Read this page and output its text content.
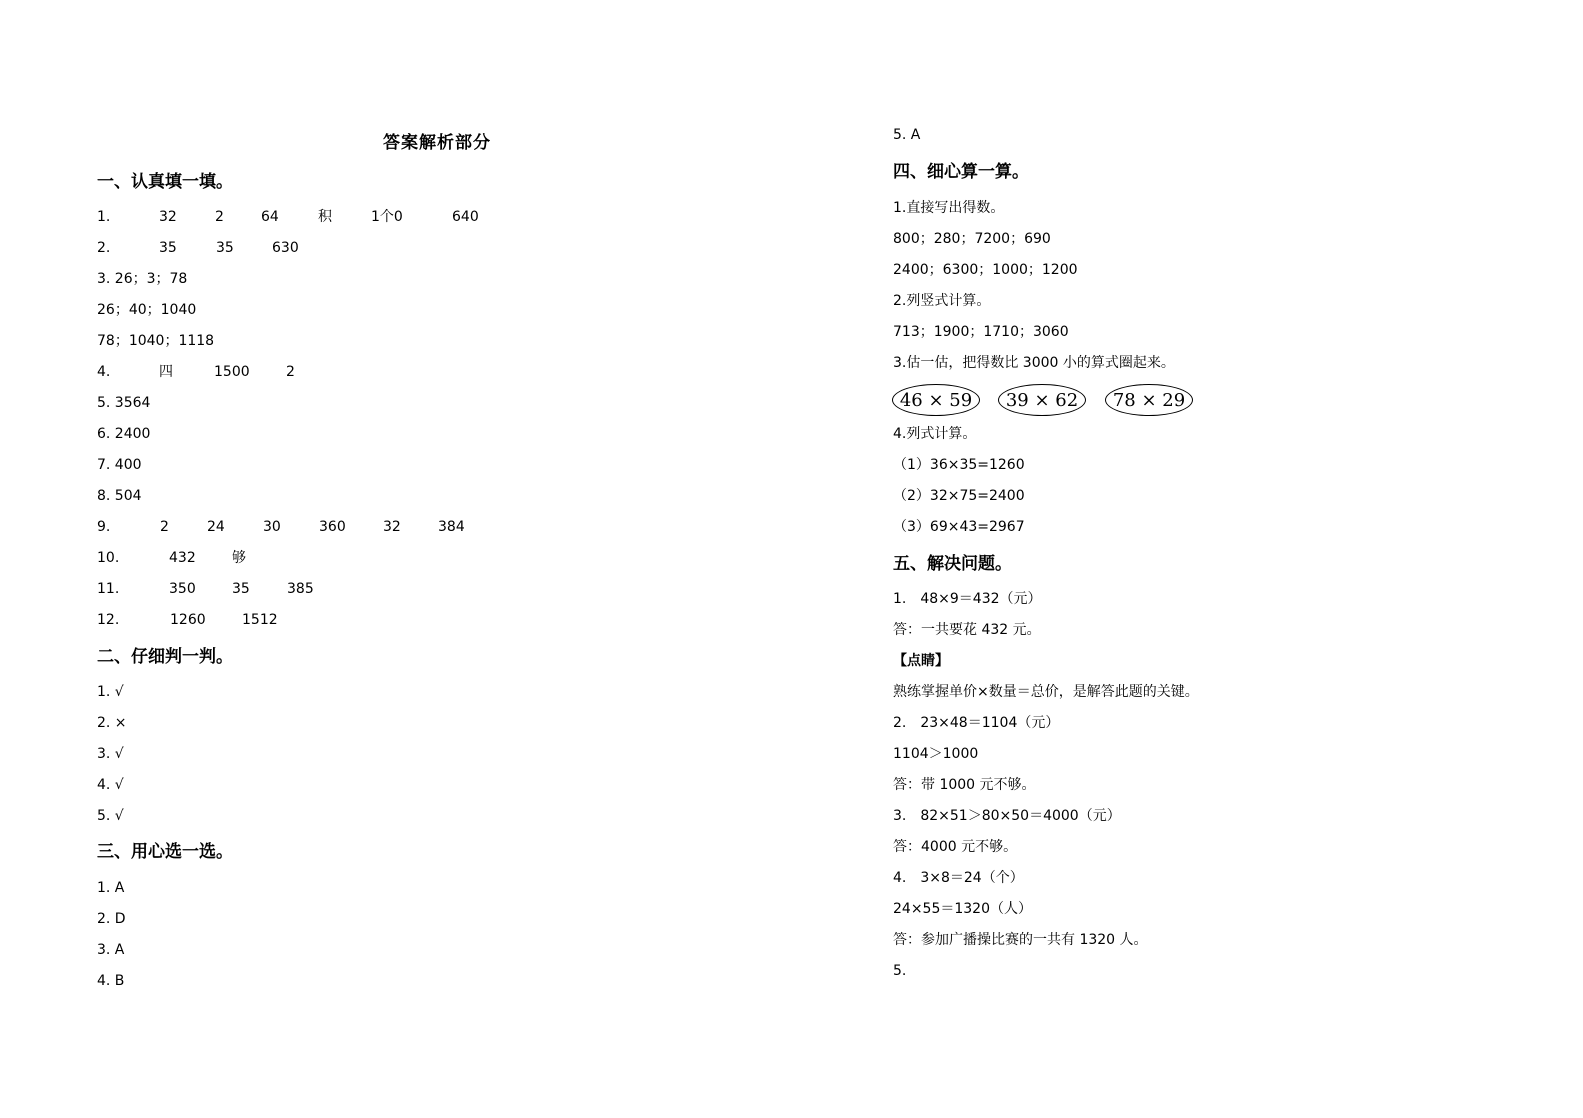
答案解析部分
一、认真填一填。
1.	32	2	64	积	1个0	640
2.	35	35	630
3. 26；3；78
26；40；1040
78；1040；1118
4.	四	1500	2
5. 3564
6. 2400
7. 400
8. 504
9.	2	24	30	360	32	384
10.	432	够
11.	350	35	385
12.	1260	1512
二、仔细判一判。
1. √
2. ×
3. √
4. √
5. √
三、用心选一选。
1. A
2. D
3. A
4. B
5. A
四、细心算一算。
1.直接写出得数。
800；280；7200；690
2400；6300；1000；1200
2.列竖式计算。
713；1900；1710；3060
3.估一估，把得数比 3000 小的算式圈起来。
46 × 59	39 × 62	78 × 29
4.列式计算。
（1）36×35=1260
（2）32×75=2400
（3）69×43=2967
五、解决问题。
1.　48×9＝432（元）
答：一共要花 432 元。
【点睛】
熟练掌握单价×数量＝总价，是解答此题的关键。
2.　23×48＝1104（元）
1104＞1000
答：带 1000 元不够。
3.　82×51＞80×50＝4000（元）
答：4000 元不够。
4.　3×8＝24（个）
24×55＝1320（人）
答：参加广播操比赛的一共有 1320 人。
5.
